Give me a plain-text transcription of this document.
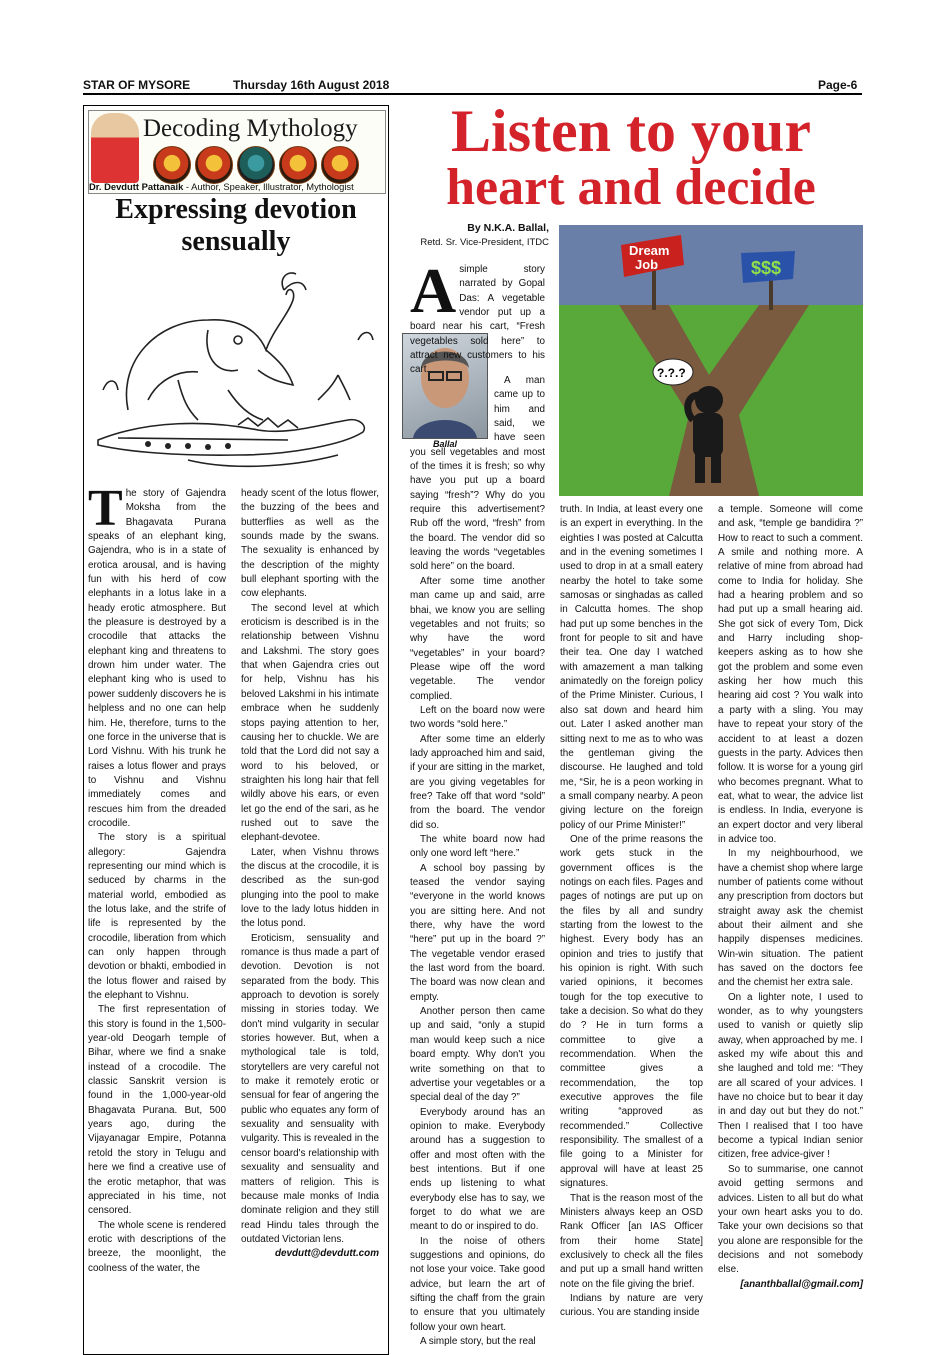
STAR OF MYSORE	Thursday 16th August 2018	Page-6
Decoding Mythology
Dr. Devdutt Pattanaik - Author, Speaker, Illustrator, Mythologist
Expressing devotion sensually

The story of Gajendra Moksha from the Bhagavata Purana speaks of an elephant king, Gajendra, who is in a state of erotica arousal, and is having fun with his herd of cow elephants in a lotus lake in a heady erotic atmosphere. But the pleasure is destroyed by a crocodile that attacks the elephant king and threatens to drown him under water. The elephant king who is used to power suddenly discovers he is helpless and no one can help him. He, therefore, turns to the one force in the universe that is Lord Vishnu. With his trunk he raises a lotus flower and prays to Vishnu and Vishnu immediately comes and rescues him from the dreaded crocodile.

The story is a spiritual allegory: Gajendra representing our mind which is seduced by charms in the material world, embodied as the lotus lake, and the strife of life is represented by the crocodile, liberation from which can only happen through devotion or bhakti, embodied in the lotus flower and raised by the elephant to Vishnu.

The first representation of this story is found in the 1,500-year-old Deogarh temple of Bihar, where we find a snake instead of a crocodile. The classic Sanskrit version is found in the 1,000-year-old Bhagavata Purana. But, 500 years ago, during the Vijayanagar Empire, Potanna retold the story in Telugu and here we find a creative use of the erotic metaphor, that was appreciated in his time, not censored.

The whole scene is rendered erotic with descriptions of the breeze, the moonlight, the coolness of the water, the

heady scent of the lotus flower, the buzzing of the bees and butterflies as well as the sounds made by the swans. The sexuality is enhanced by the description of the mighty bull elephant sporting with the cow elephants.

The second level at which eroticism is described is in the relationship between Vishnu and Lakshmi. The story goes that when Gajendra cries out for help, Vishnu has his beloved Lakshmi in his intimate embrace when he suddenly stops paying attention to her, causing her to chuckle. We are told that the Lord did not say a word to his beloved, or straighten his long hair that fell wildly above his ears, or even let go the end of the sari, as he rushed out to save the elephant-devotee.

Later, when Vishnu throws the discus at the crocodile, it is described as the sun-god plunging into the pool to make love to the lady lotus hidden in the lotus pond.

Eroticism, sensuality and romance is thus made a part of devotion. Devotion is not separated from the body. This approach to devotion is sorely missing in stories today. We don't mind vulgarity in secular stories however. But, when a mythological tale is told, storytellers are very careful not to make it remotely erotic or sensual for fear of angering the public who equates any form of sexuality and sensuality with vulgarity. This is revealed in the censor board's relationship with sexuality and sensuality and matters of religion. This is because male monks of India dominate religion and they still read Hindu tales through the outdated Victorian lens.

devdutt@devdutt.com

Listen to your
heart and decide
By N.K.A. Ballal,
Retd. Sr. Vice-President, ITDC
Dream Job	$$$
?.?.?
Ballal

Asimple story narrated by Gopal Das: A vegetable vendor put up a board near his cart, “Fresh vegetables sold here” to attract new customers to his cart.

A man came up to him and said, we have seen you sell vegetables and most of the times it is fresh; so why have you put up a board saying “fresh”? Why do you require this advertisement? Rub off the word, “fresh” from the board. The vendor did so leaving the words “vegetables sold here” on the board.

After some time another man came up and said, arre bhai, we know you are selling vegetables and not fruits; so why have the word “vegetables” in your board? Please wipe off the word vegetable. The vendor complied.

Left on the board now were two words “sold here.”

After some time an elderly lady approached him and said, if your are sitting in the market, are you giving vegetables for free? Take off that word “sold” from the board. The vendor did so.

The white board now had only one word left “here.”

A school boy passing by teased the vendor saying “everyone in the world knows you are sitting here. And not there, why have the word “here” put up in the board ?” The vegetable vendor erased the last word from the board. The board was now clean and empty.

Another person then came up and said, “only a stupid man would keep such a nice board empty. Why don't you write something on that to advertise your vegetables or a special deal of the day ?”

Everybody around has an opinion to make. Everybody around has a suggestion to offer and most often with the best intentions. But if one ends up listening to what everybody else has to say, we forget to do what we are meant to do or inspired to do.

In the noise of others suggestions and opinions, do not lose your voice. Take good advice, but learn the art of sifting the chaff from the grain to ensure that you ultimately follow your own heart.

A simple story, but the real

truth. In India, at least every one is an expert in everything. In the eighties I was posted at Calcutta and in the evening sometimes I used to drop in at a small eatery nearby the hotel to take some samosas or singhadas as called in Calcutta homes. The shop had put up some benches in the front for people to sit and have their tea. One day I watched with amazement a man talking animatedly on the foreign policy of the Prime Minister. Curious, I also sat down and heard him out. Later I asked another man sitting next to me as to who was the gentleman giving the discourse. He laughed and told me, “Sir, he is a peon working in a small company nearby. A peon giving lecture on the foreign policy of our Prime Minister!”

One of the prime reasons the work gets stuck in the government offices is the notings on each files. Pages and pages of notings are put up on the files by all and sundry starting from the lowest to the highest. Every body has an opinion and tries to justify that his opinion is right. With such varied opinions, it becomes tough for the top executive to take a decision. So what do they do ? He in turn forms a committee to give a recommendation. When the committee gives a recommendation, the top executive approves the file writing “approved as recommended.” Collective responsibility. The smallest of a file going to a Minister for approval will have at least 25 signatures.

That is the reason most of the Ministers always keep an OSD Rank Officer [an IAS Officer from their home State] exclusively to check all the files and put up a small hand written note on the file giving the brief.

Indians by nature are very curious. You are standing inside

a temple. Someone will come and ask, “temple ge bandidira ?” How to react to such a comment. A smile and nothing more. A relative of mine from abroad had come to India for holiday. She had a hearing problem and so had put up a small hearing aid. She got sick of every Tom, Dick and Harry including shop-keepers asking as to how she got the problem and some even asking her how much this hearing aid cost ? You walk into a party with a sling. You may have to repeat your story of the accident to at least a dozen guests in the party. Advices then follow. It is worse for a young girl who becomes pregnant. What to eat, what to wear, the advice list is endless. In India, everyone is an expert doctor and very liberal in advice too.

In my neighbourhood, we have a chemist shop where large number of patients come without any prescription from doctors but straight away ask the chemist about their ailment and she happily dispenses medicines. Win-win situation. The patient has saved on the doctors fee and the chemist her extra sale.

On a lighter note, I used to wonder, as to why youngsters used to vanish or quietly slip away, when approached by me. I asked my wife about this and she laughed and told me: “They are all scared of your advices. I have no choice but to bear it day in and day out but they do not.” Then I realised that I too have become a typical Indian senior citizen, free advice-giver !

So to summarise, one cannot avoid getting sermons and advices. Listen to all but do what your own heart asks you to do. Take your own decisions so that you alone are responsible for the decisions and not somebody else.

[ananthballal@gmail.com]
